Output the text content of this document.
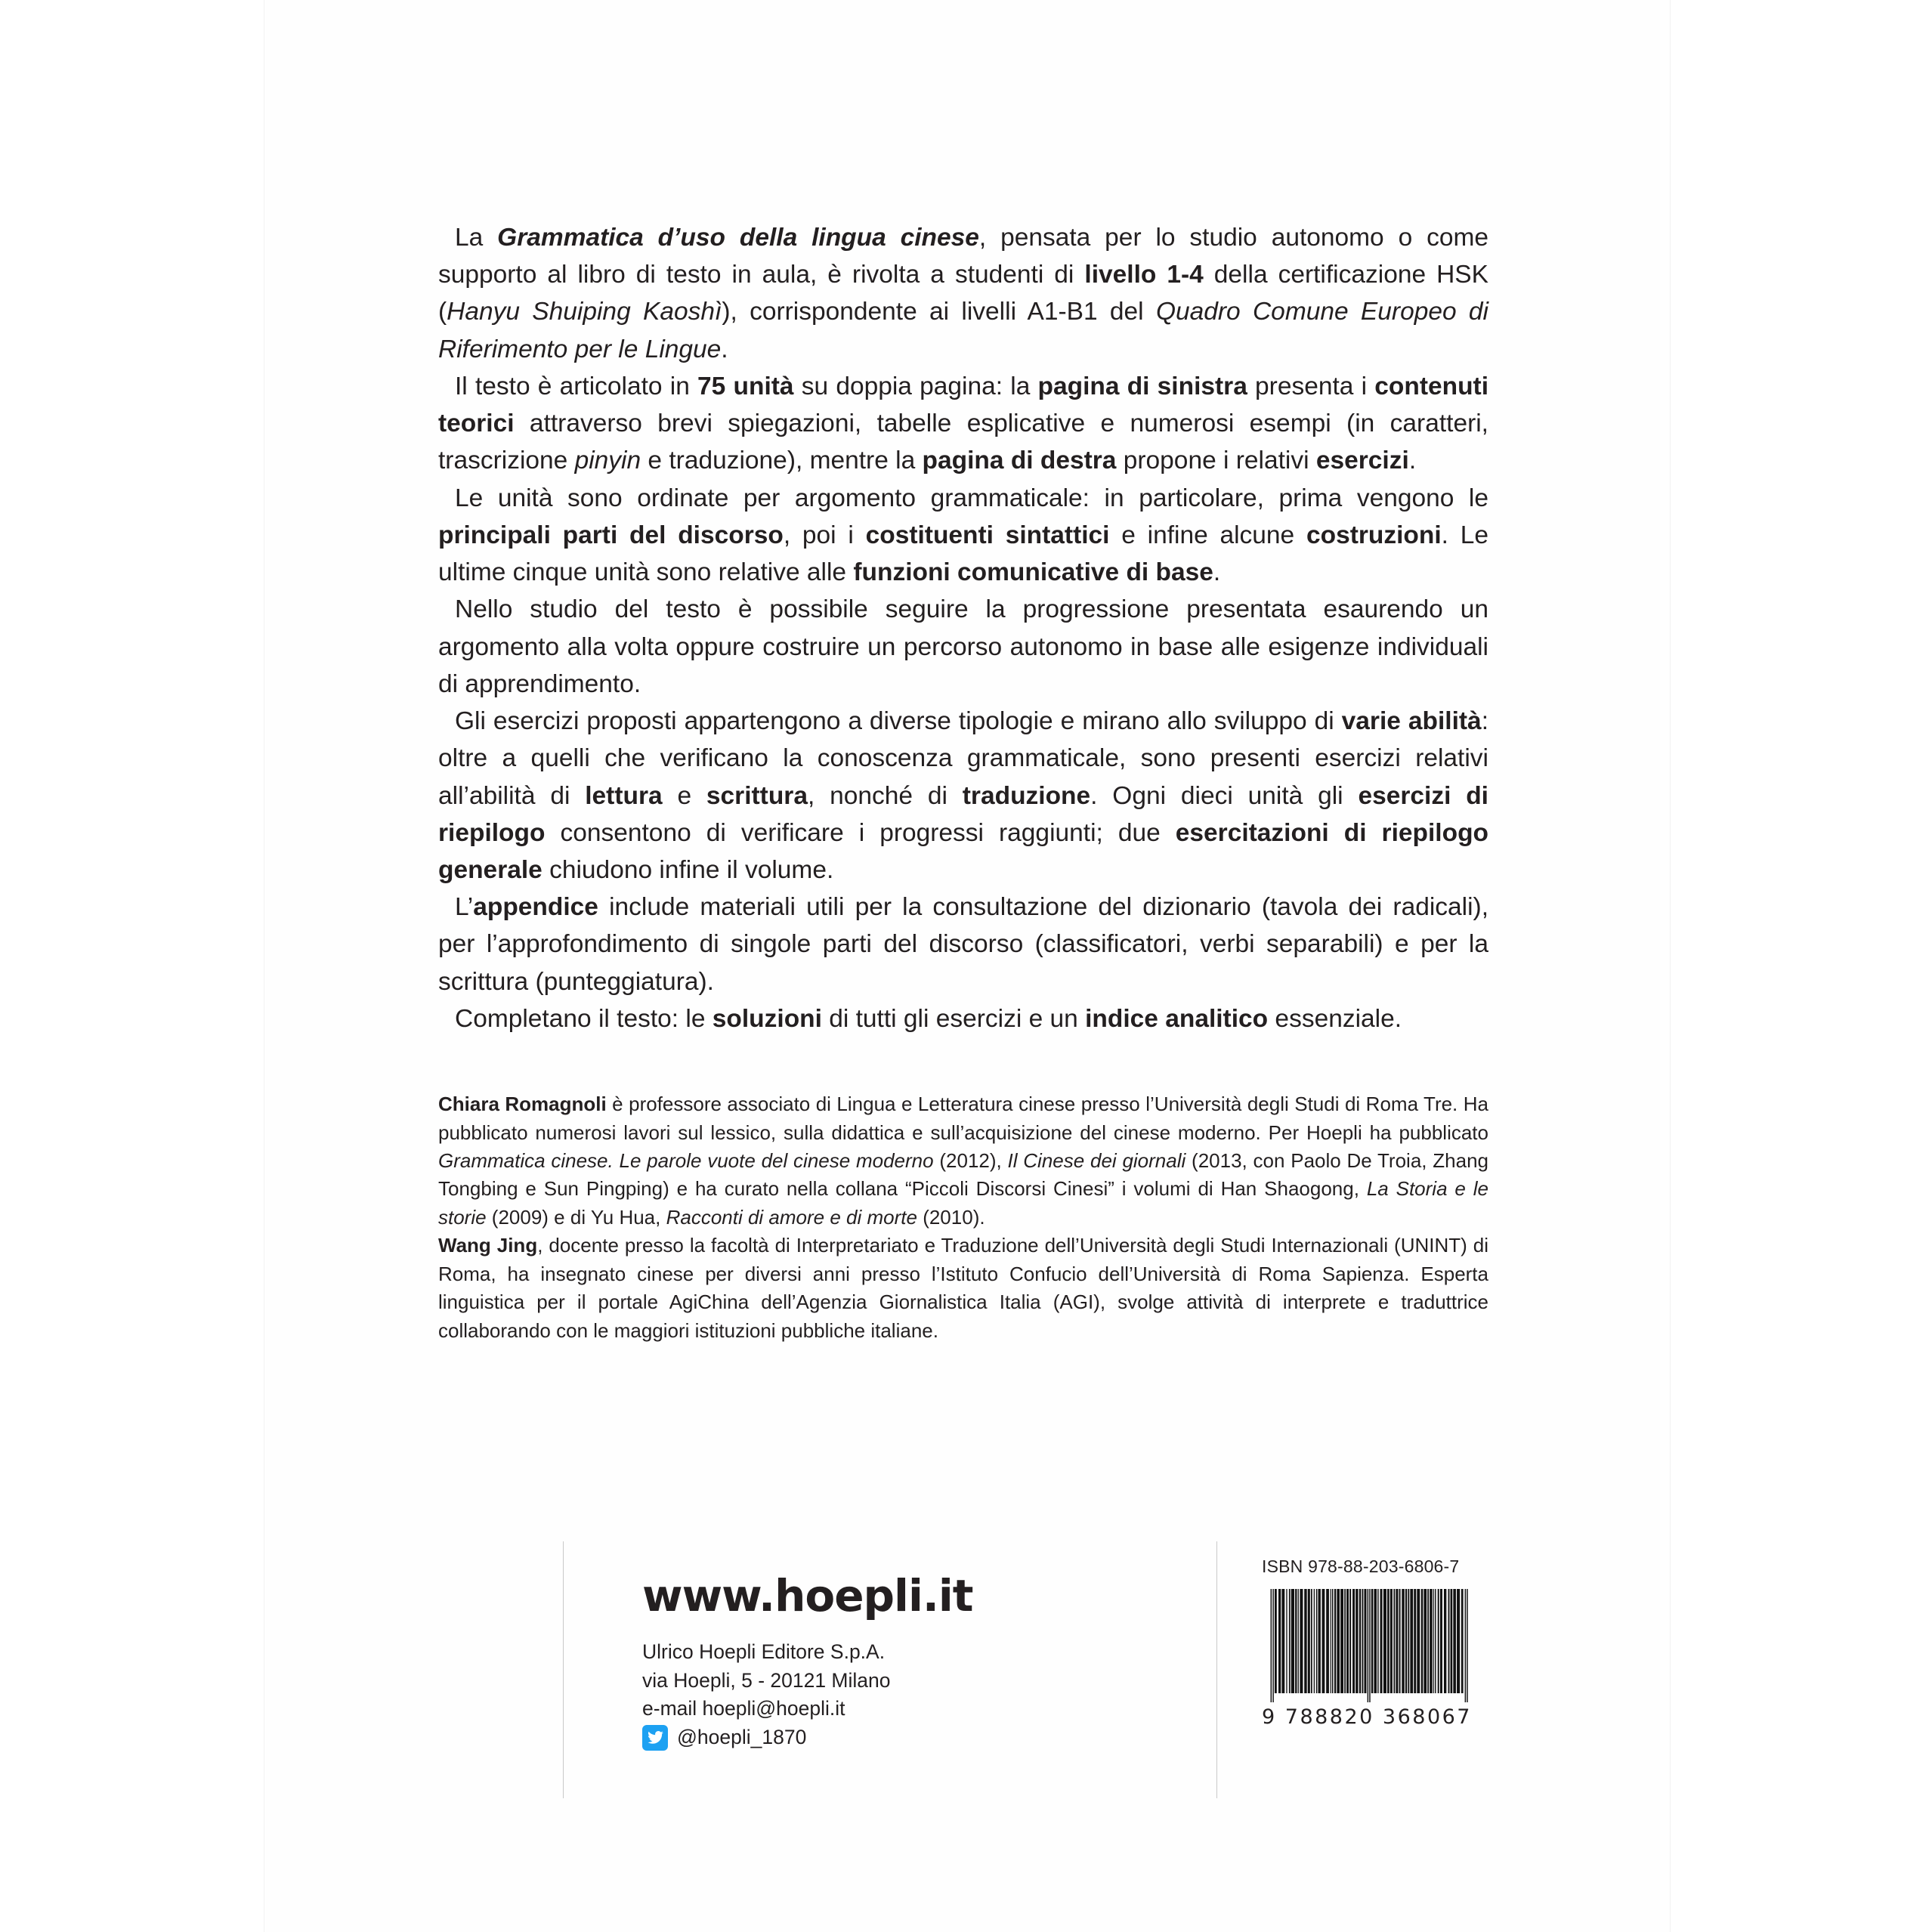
La Grammatica d’uso della lingua cinese, pensata per lo studio autonomo o come supporto al libro di testo in aula, è rivolta a studenti di livello 1-4 della certificazione HSK (Hanyu Shuiping Kaoshì), corrispondente ai livelli A1-B1 del Quadro Comune Europeo di Riferimento per le Lingue.

Il testo è articolato in 75 unità su doppia pagina: la pagina di sinistra presenta i contenuti teorici attraverso brevi spiegazioni, tabelle esplicative e numerosi esempi (in caratteri, trascrizione pinyin e traduzione), mentre la pagina di destra propone i relativi esercizi.

Le unità sono ordinate per argomento grammaticale: in particolare, prima vengono le principali parti del discorso, poi i costituenti sintattici e infine alcune costruzioni. Le ultime cinque unità sono relative alle funzioni comunicative di base.

Nello studio del testo è possibile seguire la progressione presentata esaurendo un argomento alla volta oppure costruire un percorso autonomo in base alle esigenze individuali di apprendimento.

Gli esercizi proposti appartengono a diverse tipologie e mirano allo sviluppo di varie abilità: oltre a quelli che verificano la conoscenza grammaticale, sono presenti esercizi relativi all’abilità di lettura e scrittura, nonché di traduzione. Ogni dieci unità gli esercizi di riepilogo consentono di verificare i progressi raggiunti; due esercitazioni di riepilogo generale chiudono infine il volume.

L’appendice include materiali utili per la consultazione del dizionario (tavola dei radicali), per l’approfondimento di singole parti del discorso (classificatori, verbi separabili) e per la scrittura (punteggiatura).

Completano il testo: le soluzioni di tutti gli esercizi e un indice analitico essenziale.

Chiara Romagnoli è professore associato di Lingua e Letteratura cinese presso l’Università degli Studi di Roma Tre. Ha pubblicato numerosi lavori sul lessico, sulla didattica e sull’acquisizione del cinese moderno. Per Hoepli ha pubblicato Grammatica cinese. Le parole vuote del cinese moderno (2012), Il Cinese dei giornali (2013, con Paolo De Troia, Zhang Tongbing e Sun Pingping) e ha curato nella collana “Piccoli Discorsi Cinesi” i volumi di Han Shaogong, La Storia e le storie (2009) e di Yu Hua, Racconti di amore e di morte (2010).

Wang Jing, docente presso la facoltà di Interpretariato e Traduzione dell’Università degli Studi Internazionali (UNINT) di Roma, ha insegnato cinese per diversi anni presso l’Istituto Confucio dell’Università di Roma Sapienza. Esperta linguistica per il portale AgiChina dell’Agenzia Giornalistica Italia (AGI), svolge attività di interprete e traduttrice collaborando con le maggiori istituzioni pubbliche italiane.

www.hoepli.it
Ulrico Hoepli Editore S.p.A.
via Hoepli, 5 - 20121 Milano
e-mail hoepli@hoepli.it
@hoepli_1870
ISBN 978-88-203-6806-7
9 788820 368067
